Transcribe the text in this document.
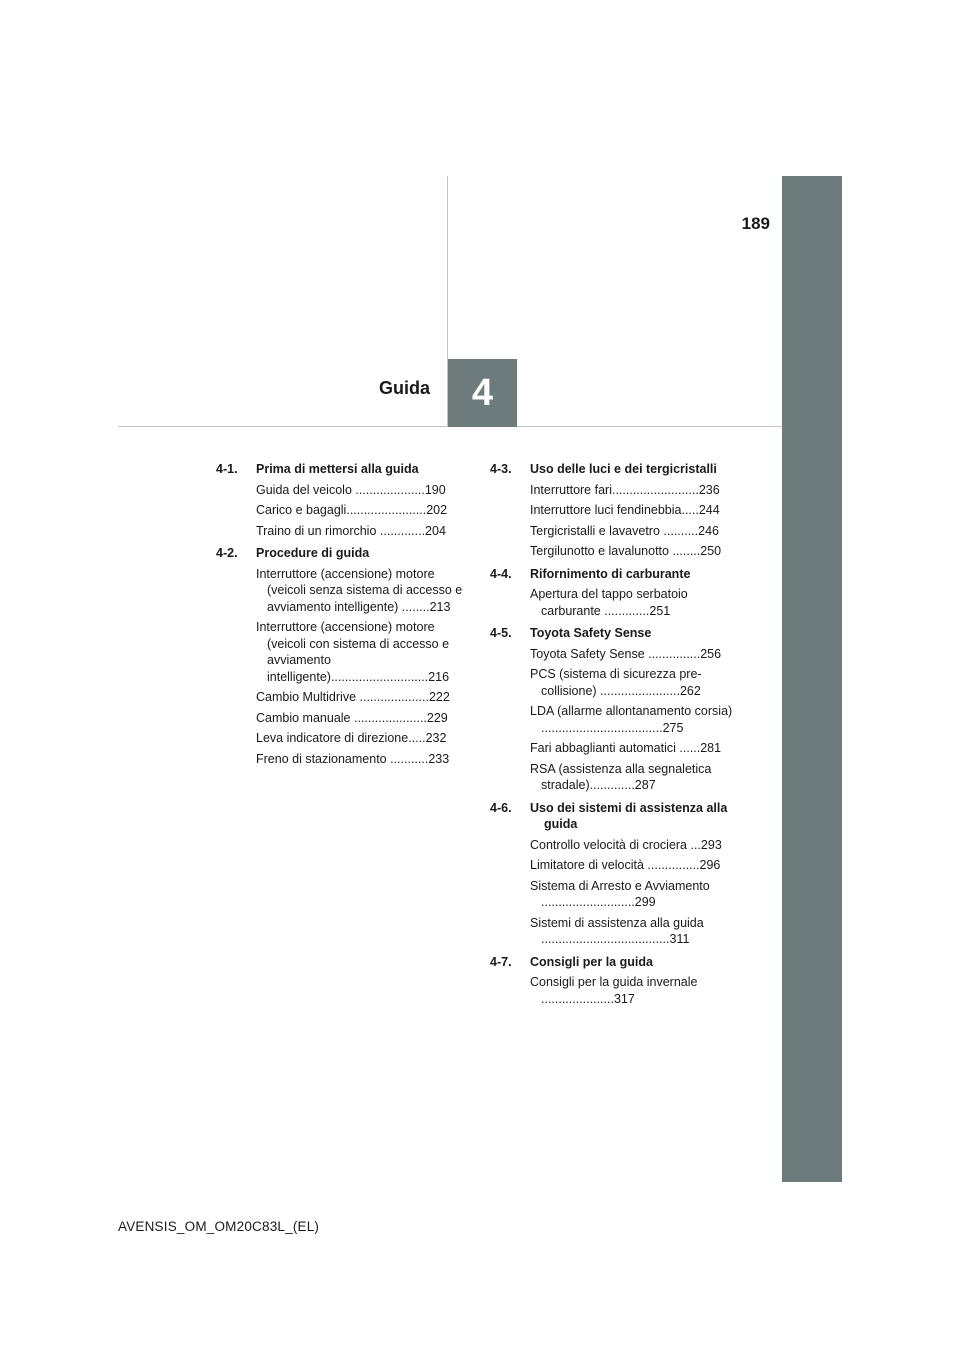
189
Guida 4
4-1.	Prima di mettersi alla guida
Guida del veicolo ....................190
Carico e bagagli.......................202
Traino di un rimorchio .............204
4-2.	Procedure di guida
Interruttore (accensione) motore (veicoli senza sistema di accesso e avviamento intelligente) ........213
Interruttore (accensione) motore (veicoli con sistema di accesso e avviamento intelligente)............................216
Cambio Multidrive ....................222
Cambio manuale .....................229
Leva indicatore di direzione.....232
Freno di stazionamento ...........233
4-3.	Uso delle luci e dei tergicristalli
Interruttore fari.........................236
Interruttore luci fendinebbia.....244
Tergicristalli e lavavetro ..........246
Tergilunotto e lavalunotto ........250
4-4.	Rifornimento di carburante
Apertura del tappo serbatoio carburante .............251
4-5.	Toyota Safety Sense
Toyota Safety Sense ...............256
PCS (sistema di sicurezza pre-collisione) .......................262
LDA (allarme allontanamento corsia) ...................................275
Fari abbaglianti automatici ......281
RSA (assistenza alla segnaletica stradale).............287
4-6.	Uso dei sistemi di assistenza alla guida
Controllo velocità di crociera ...293
Limitatore di velocità ...............296
Sistema di Arresto e Avviamento ...........................299
Sistemi di assistenza alla guida .....................................311
4-7.	Consigli per la guida
Consigli per la guida invernale .....................317
AVENSIS_OM_OM20C83L_(EL)
